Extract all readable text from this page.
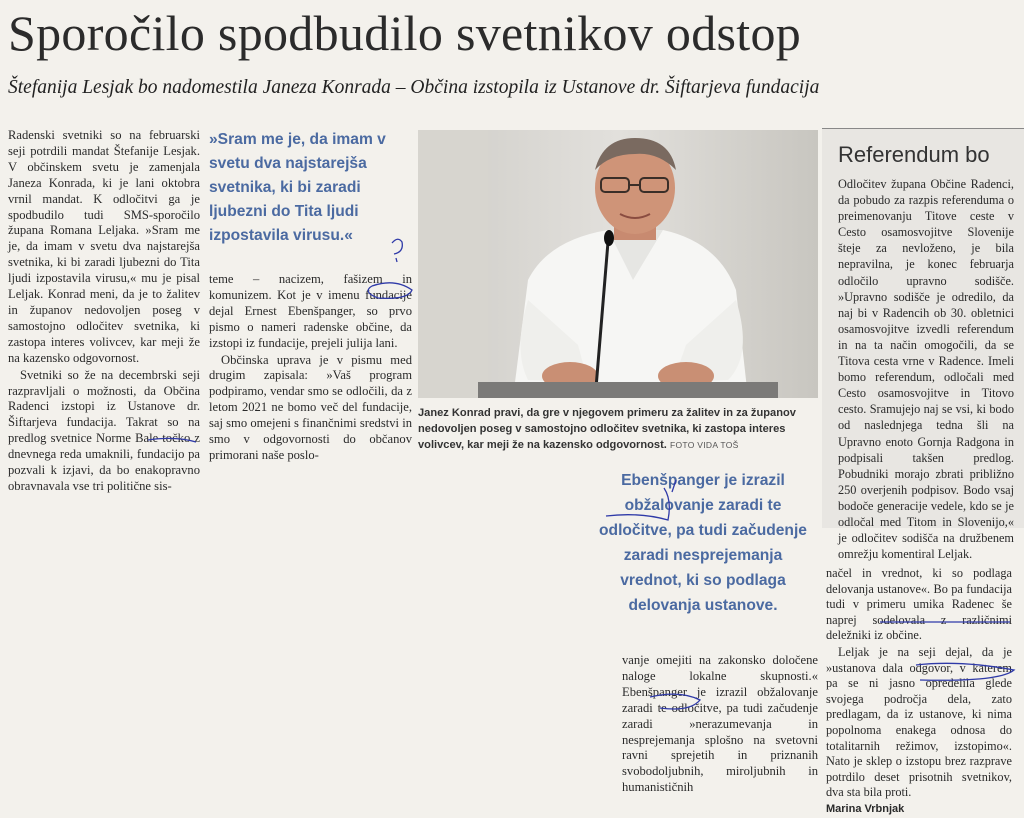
Sporočilo spodbudilo svetnikov odstop
Štefanija Lesjak bo nadomestila Janeza Konrada – Občina izstopila iz Ustanove dr. Šiftarjeva fundacija

Radenski svetniki so na februarski seji potrdili mandat Štefanije Lesjak. V občinskem svetu je zamenjala Janeza Konrada, ki je lani oktobra vrnil mandat. K odločitvi ga je spodbudilo tudi SMS-sporočilo župana Romana Leljaka. »Sram me je, da imam v svetu dva najstarejša svetnika, ki bi zaradi ljubezni do Tita ljudi izpostavila virusu,« mu je pisal Leljak. Konrad meni, da je to žalitev in županov nedovoljen poseg v samostojno odločitev svetnika, ki zastopa interes volivcev, kar meji že na kazensko odgovornost.

Svetniki so že na decembrski seji razpravljali o možnosti, da Občina Radenci izstopi iz Ustanove dr. Šiftarjeva fundacija. Takrat so na predlog svetnice Norme Bale točko z dnevnega reda umaknili, fundacijo pa pozvali k izjavi, da bo enakopravno obravnavala vse tri politične sis-

»Sram me je, da imam v svetu dva najstarejša svetnika, ki bi zaradi ljubezni do Tita ljudi izpostavila virusu.«

teme – nacizem, fašizem in komunizem. Kot je v imenu fundacije dejal Ernest Ebenšpanger, so prvo pismo o nameri radenske občine, da izstopi iz fundacije, prejeli julija lani.

Občinska uprava je v pismu med drugim zapisala: »Vaš program podpiramo, vendar smo se odločili, da z letom 2021 ne bomo več del fundacije, saj smo omejeni s finančnimi sredstvi in smo v odgovornosti do občanov primorani naše poslo-

Janez Konrad pravi, da gre v njegovem primeru za žalitev in za županov nedovoljen poseg v samostojno odločitev svetnika, ki zastopa interes volivcev, kar meji že na kazensko odgovornost. FOTO VIDA TOŠ
Referendum bo

Odločitev župana Občine Radenci, da pobudo za razpis referenduma o preimenovanju Titove ceste v Cesto osamosvojitve Slovenije šteje za nevloženo, je bila nepravilna, je konec februarja odločilo upravno sodišče. »Upravno sodišče je odredilo, da naj bi v Radencih ob 30. obletnici osamosvojitve izvedli referendum in na ta način omogočili, da se Titova cesta vrne v Radence. Imeli bomo referendum, odločali med Cesto osamosvojitve in Titovo cesto. Sramujejo naj se vsi, ki bodo od naslednjega tedna šli na Upravno enoto Gornja Radgona in podpisali takšen predlog. Pobudniki morajo zbrati približno 250 overjenih podpisov. Bodo vsaj bodoče generacije vedele, kdo se je odločal med Titom in Slovenijo,« je odločitev sodišča na družbenem omrežju komentiral Leljak.

Ebenšpanger je izrazil obžalovanje zaradi te odločitve, pa tudi začudenje zaradi nesprejemanja vrednot, ki so podlaga delovanja ustanove.

vanje omejiti na zakonsko določene naloge lokalne skupnosti.« Ebenšpanger je izrazil obžalovanje zaradi te odločitve, pa tudi začudenje zaradi »nerazumevanja in nesprejemanja splošno na svetovni ravni sprejetih in priznanih svobodoljubnih, miroljubnih in humanističnih

načel in vrednot, ki so podlaga delovanja ustanove«. Bo pa fundacija tudi v primeru umika Radenec še naprej sodelovala z različnimi deležniki iz občine.

Leljak je na seji dejal, da je »ustanova dala odgovor, v katerem pa se ni jasno opredelila glede svojega področja dela, zato predlagam, da iz ustanove, ki nima popolnoma enakega odnosa do totalitarnih režimov, izstopimo«. Nato je sklep o izstopu brez razprave potrdilo deset prisotnih svetnikov, dva sta bila proti.

Marina Vrbnjak
